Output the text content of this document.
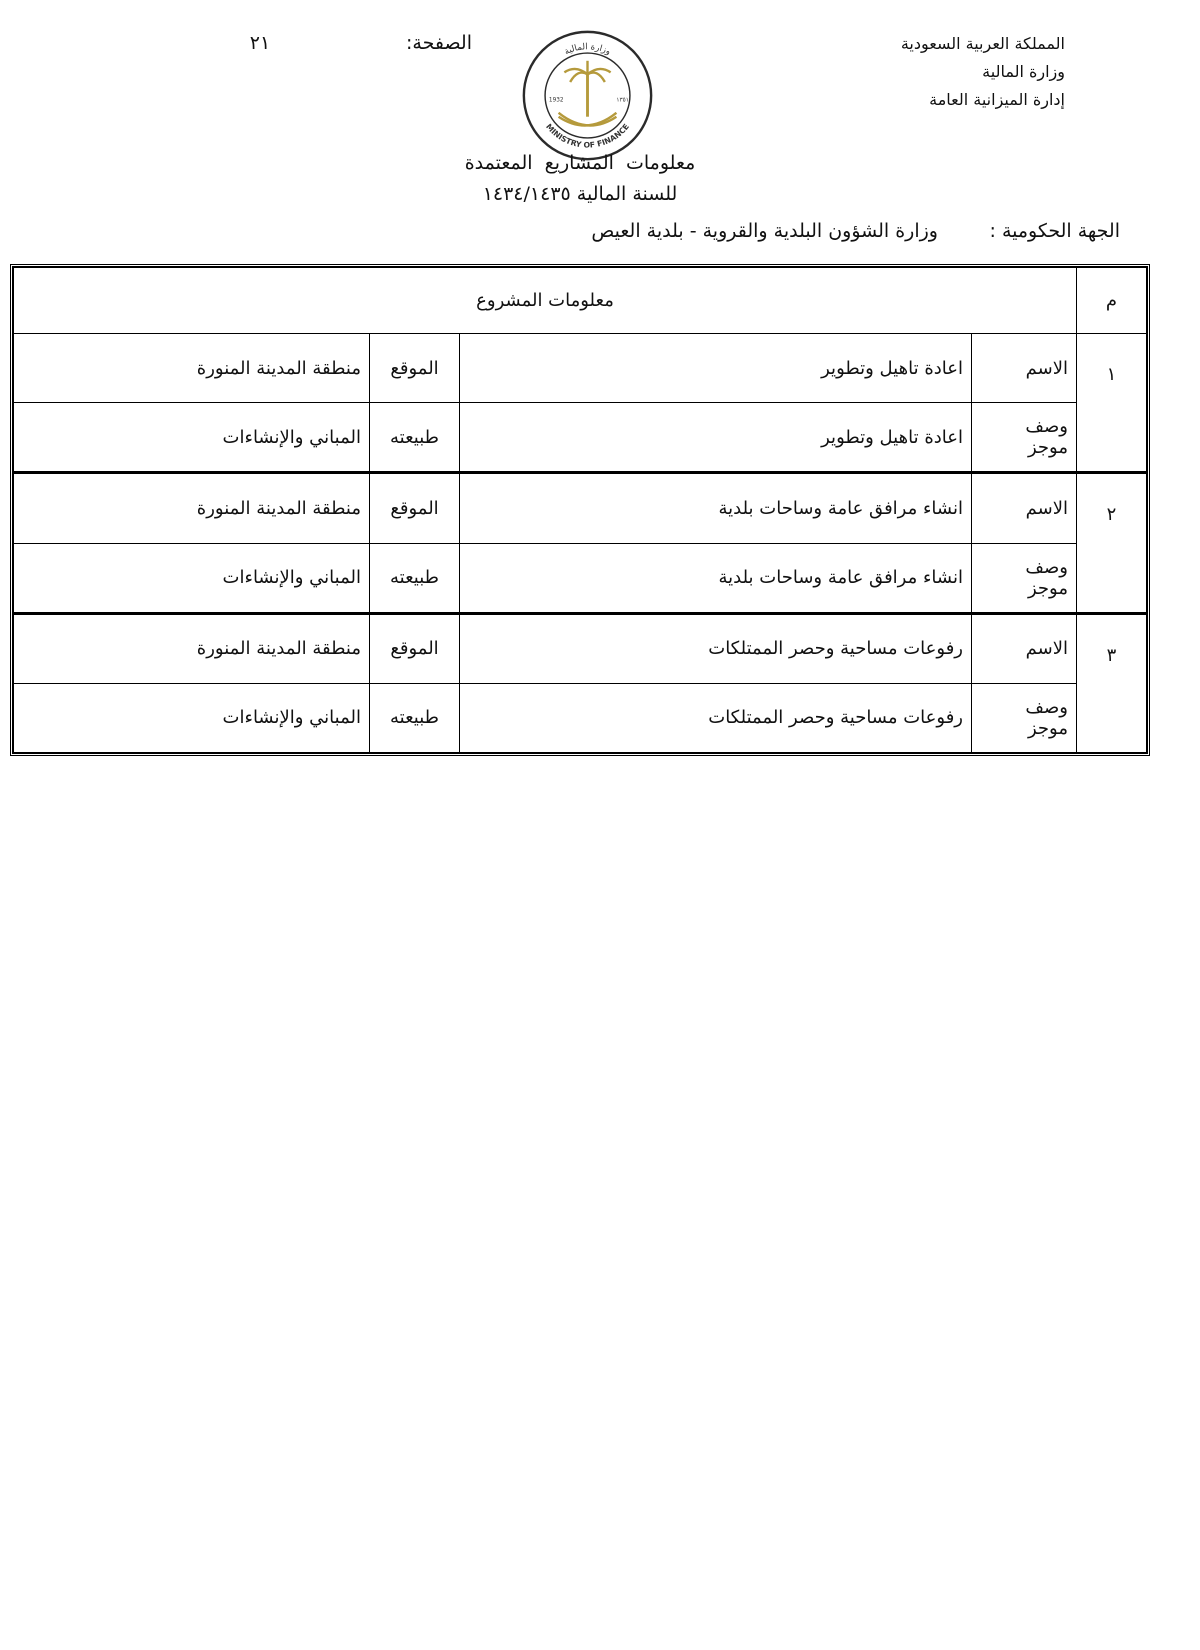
المملكة العربية السعودية
وزارة المالية
إدارة الميزانية العامة
الصفحة:
٢١	وزارة المالية
MINISTRY OF FINANCE
1932	١٣٥١
معلومات المشاريع المعتمدة
للسنة المالية ١٤٣٤/١٤٣٥
الجهة الحكومية :
وزارة الشؤون البلدية والقروية - بلدية العيص
م	معلومات المشروع			
١	الاسم	اعادة تاهيل وتطوير	الموقع	منطقة المدينة المنورة
	وصف موجز	اعادة تاهيل وتطوير	طبيعته	المباني والإنشاءات
٢	الاسم	انشاء مرافق عامة وساحات بلدية	الموقع	منطقة المدينة المنورة
	وصف موجز	انشاء مرافق عامة وساحات بلدية	طبيعته	المباني والإنشاءات
٣	الاسم	رفوعات مساحية وحصر الممتلكات	الموقع	منطقة المدينة المنورة
	وصف موجز	رفوعات مساحية وحصر الممتلكات	طبيعته	المباني والإنشاءات
